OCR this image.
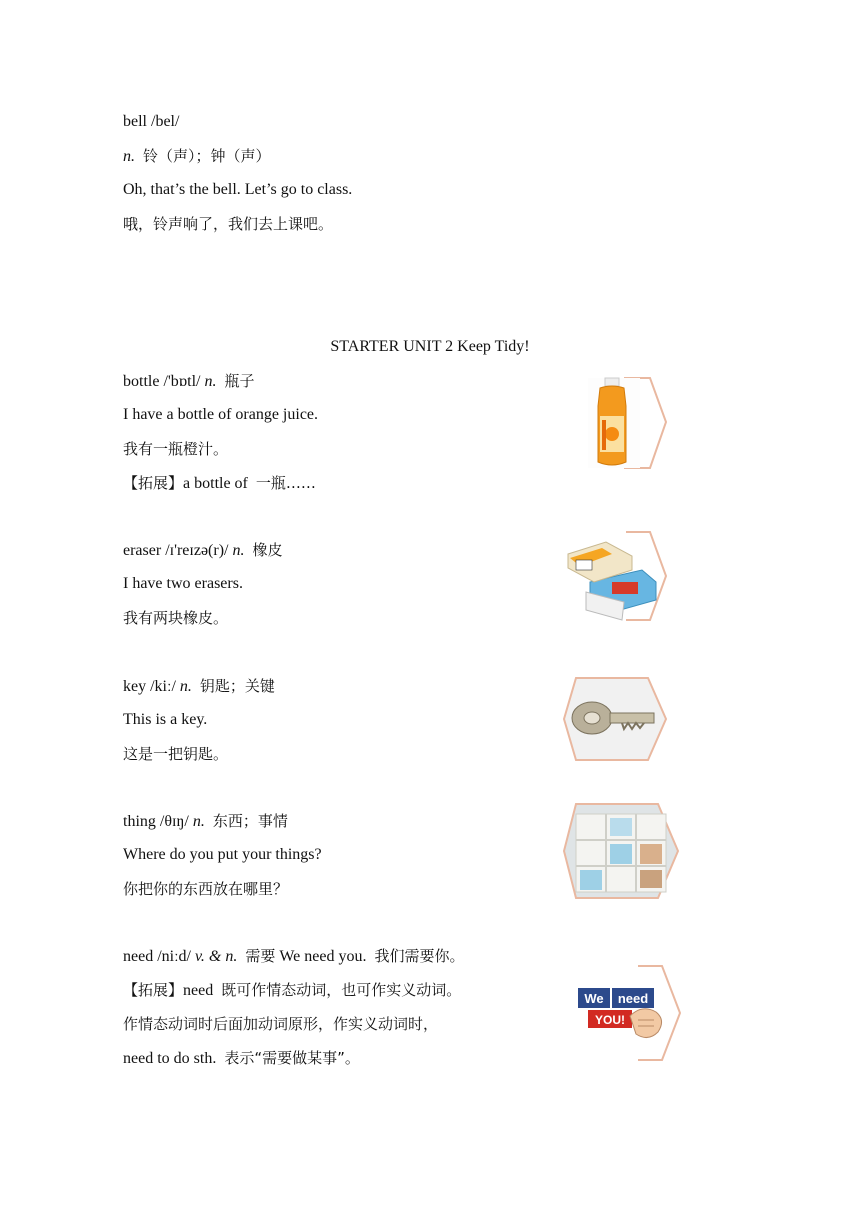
bell /bel/
n. 铃（声）；钟（声）
Oh, that’s the bell. Let’s go to class.
哦，铃声响了，我们去上课吧。
STARTER UNIT 2 Keep Tidy!
bottle /'bɒtl/ n. 瓶子
I have a bottle of orange juice.
我有一瓶橙汁。
【拓展】a bottle of 一瓶……
eraser /ɪ'reɪzə(r)/ n. 橡皮
I have two erasers.
我有两块橡皮。
key /kiː/ n. 钥匙；关键
This is a key.
这是一把钥匙。
thing /θɪŋ/ n. 东西；事情
Where do you put your things?
你把你的东西放在哪里？
need /niːd/ v. & n. 需要 We need you. 我们需要你。
【拓展】need 既可作情态动词，也可作实义动词。
作情态动词时后面加动词原形，作实义动词时，
need to do sth. 表示“需要做某事”。
We need
YOU!
